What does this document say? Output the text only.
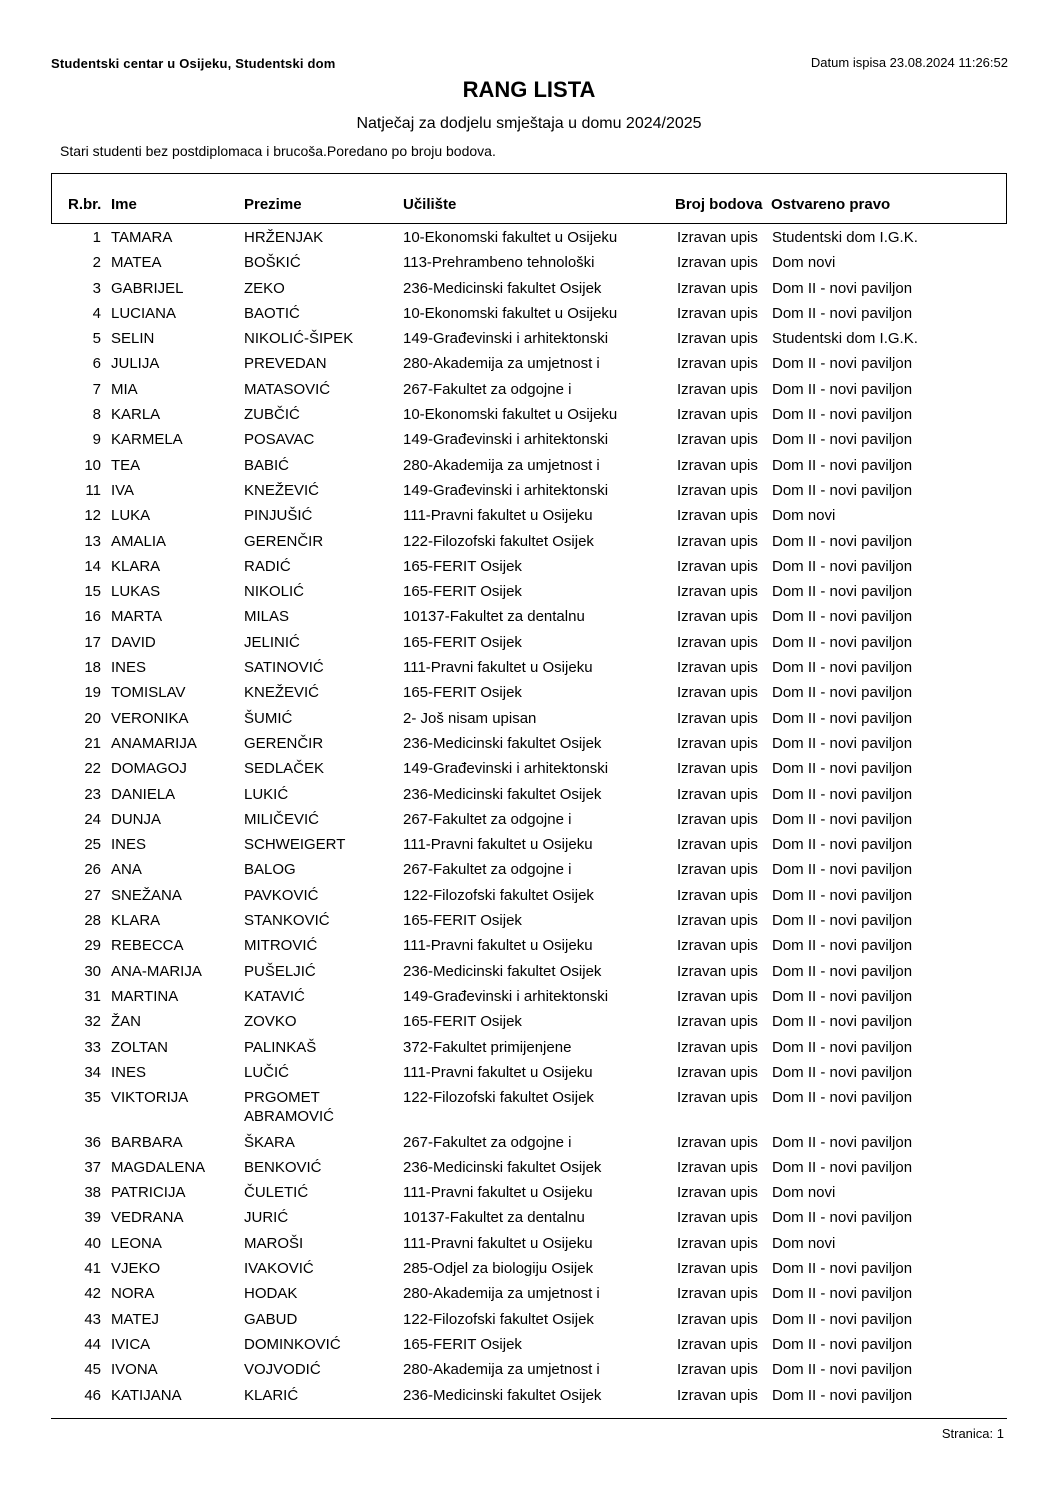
Studentski centar u Osijeku, Studentski dom	Datum ispisa 23.08.2024 11:26:52
RANG LISTA
Natječaj za dodjelu smještaja u domu 2024/2025
Stari studenti bez postdiplomaca i brucoša.Poredano po broju bodova.
R.br. Ime	Prezime	Učilište	Broj bodova Ostvareno pravo
1 TAMARA	HRŽENJAK	10-Ekonomski fakultet u Osijeku	Izravan upis Studentski dom I.G.K.
2 MATEA	BOŠKIĆ	113-Prehrambeno tehnološki	Izravan upis Dom novi
3 GABRIJEL	ZEKO	236-Medicinski fakultet Osijek	Izravan upis Dom II - novi paviljon
4 LUCIANA	BAOTIĆ	10-Ekonomski fakultet u Osijeku	Izravan upis Dom II - novi paviljon
5 SELIN	NIKOLIĆ-ŠIPEK	149-Građevinski i arhitektonski	Izravan upis Studentski dom I.G.K.
6 JULIJA	PREVEDAN	280-Akademija za umjetnost i	Izravan upis Dom II - novi paviljon
7 MIA	MATASOVIĆ	267-Fakultet za odgojne i	Izravan upis Dom II - novi paviljon
8 KARLA	ZUBČIĆ	10-Ekonomski fakultet u Osijeku	Izravan upis Dom II - novi paviljon
9 KARMELA	POSAVAC	149-Građevinski i arhitektonski	Izravan upis Dom II - novi paviljon
10 TEA	BABIĆ	280-Akademija za umjetnost i	Izravan upis Dom II - novi paviljon
11 IVA	KNEŽEVIĆ	149-Građevinski i arhitektonski	Izravan upis Dom II - novi paviljon
12 LUKA	PINJUŠIĆ	111-Pravni fakultet u Osijeku	Izravan upis Dom novi
13 AMALIA	GERENČIR	122-Filozofski fakultet Osijek	Izravan upis Dom II - novi paviljon
14 KLARA	RADIĆ	165-FERIT Osijek	Izravan upis Dom II - novi paviljon
15 LUKAS	NIKOLIĆ	165-FERIT Osijek	Izravan upis Dom II - novi paviljon
16 MARTA	MILAS	10137-Fakultet za dentalnu	Izravan upis Dom II - novi paviljon
17 DAVID	JELINIĆ	165-FERIT Osijek	Izravan upis Dom II - novi paviljon
18 INES	SATINOVIĆ	111-Pravni fakultet u Osijeku	Izravan upis Dom II - novi paviljon
19 TOMISLAV	KNEŽEVIĆ	165-FERIT Osijek	Izravan upis Dom II - novi paviljon
20 VERONIKA	ŠUMIĆ	2- Još nisam upisan	Izravan upis Dom II - novi paviljon
21 ANAMARIJA	GERENČIR	236-Medicinski fakultet Osijek	Izravan upis Dom II - novi paviljon
22 DOMAGOJ	SEDLAČEK	149-Građevinski i arhitektonski	Izravan upis Dom II - novi paviljon
23 DANIELA	LUKIĆ	236-Medicinski fakultet Osijek	Izravan upis Dom II - novi paviljon
24 DUNJA	MILIČEVIĆ	267-Fakultet za odgojne i	Izravan upis Dom II - novi paviljon
25 INES	SCHWEIGERT	111-Pravni fakultet u Osijeku	Izravan upis Dom II - novi paviljon
26 ANA	BALOG	267-Fakultet za odgojne i	Izravan upis Dom II - novi paviljon
27 SNEŽANA	PAVKOVIĆ	122-Filozofski fakultet Osijek	Izravan upis Dom II - novi paviljon
28 KLARA	STANKOVIĆ	165-FERIT Osijek	Izravan upis Dom II - novi paviljon
29 REBECCA	MITROVIĆ	111-Pravni fakultet u Osijeku	Izravan upis Dom II - novi paviljon
30 ANA-MARIJA	PUŠELJIĆ	236-Medicinski fakultet Osijek	Izravan upis Dom II - novi paviljon
31 MARTINA	KATAVIĆ	149-Građevinski i arhitektonski	Izravan upis Dom II - novi paviljon
32 ŽAN	ZOVKO	165-FERIT Osijek	Izravan upis Dom II - novi paviljon
33 ZOLTAN	PALINKAŠ	372-Fakultet primijenjene	Izravan upis Dom II - novi paviljon
34 INES	LUČIĆ	111-Pravni fakultet u Osijeku	Izravan upis Dom II - novi paviljon
35 VIKTORIJA	PRGOMET	122-Filozofski fakultet Osijek	Izravan upis Dom II - novi paviljon
ABRAMOVIĆ
36 BARBARA	ŠKARA	267-Fakultet za odgojne i	Izravan upis Dom II - novi paviljon
37 MAGDALENA	BENKOVIĆ	236-Medicinski fakultet Osijek	Izravan upis Dom II - novi paviljon
38 PATRICIJA	ČULETIĆ	111-Pravni fakultet u Osijeku	Izravan upis Dom novi
39 VEDRANA	JURIĆ	10137-Fakultet za dentalnu	Izravan upis Dom II - novi paviljon
40 LEONA	MAROŠI	111-Pravni fakultet u Osijeku	Izravan upis Dom novi
41 VJEKO	IVAKOVIĆ	285-Odjel za biologiju Osijek	Izravan upis Dom II - novi paviljon
42 NORA	HODAK	280-Akademija za umjetnost i	Izravan upis Dom II - novi paviljon
43 MATEJ	GABUD	122-Filozofski fakultet Osijek	Izravan upis Dom II - novi paviljon
44 IVICA	DOMINKOVIĆ	165-FERIT Osijek	Izravan upis Dom II - novi paviljon
45 IVONA	VOJVODIĆ	280-Akademija za umjetnost i	Izravan upis Dom II - novi paviljon
46 KATIJANA	KLARIĆ	236-Medicinski fakultet Osijek	Izravan upis Dom II - novi paviljon
Stranica: 1
